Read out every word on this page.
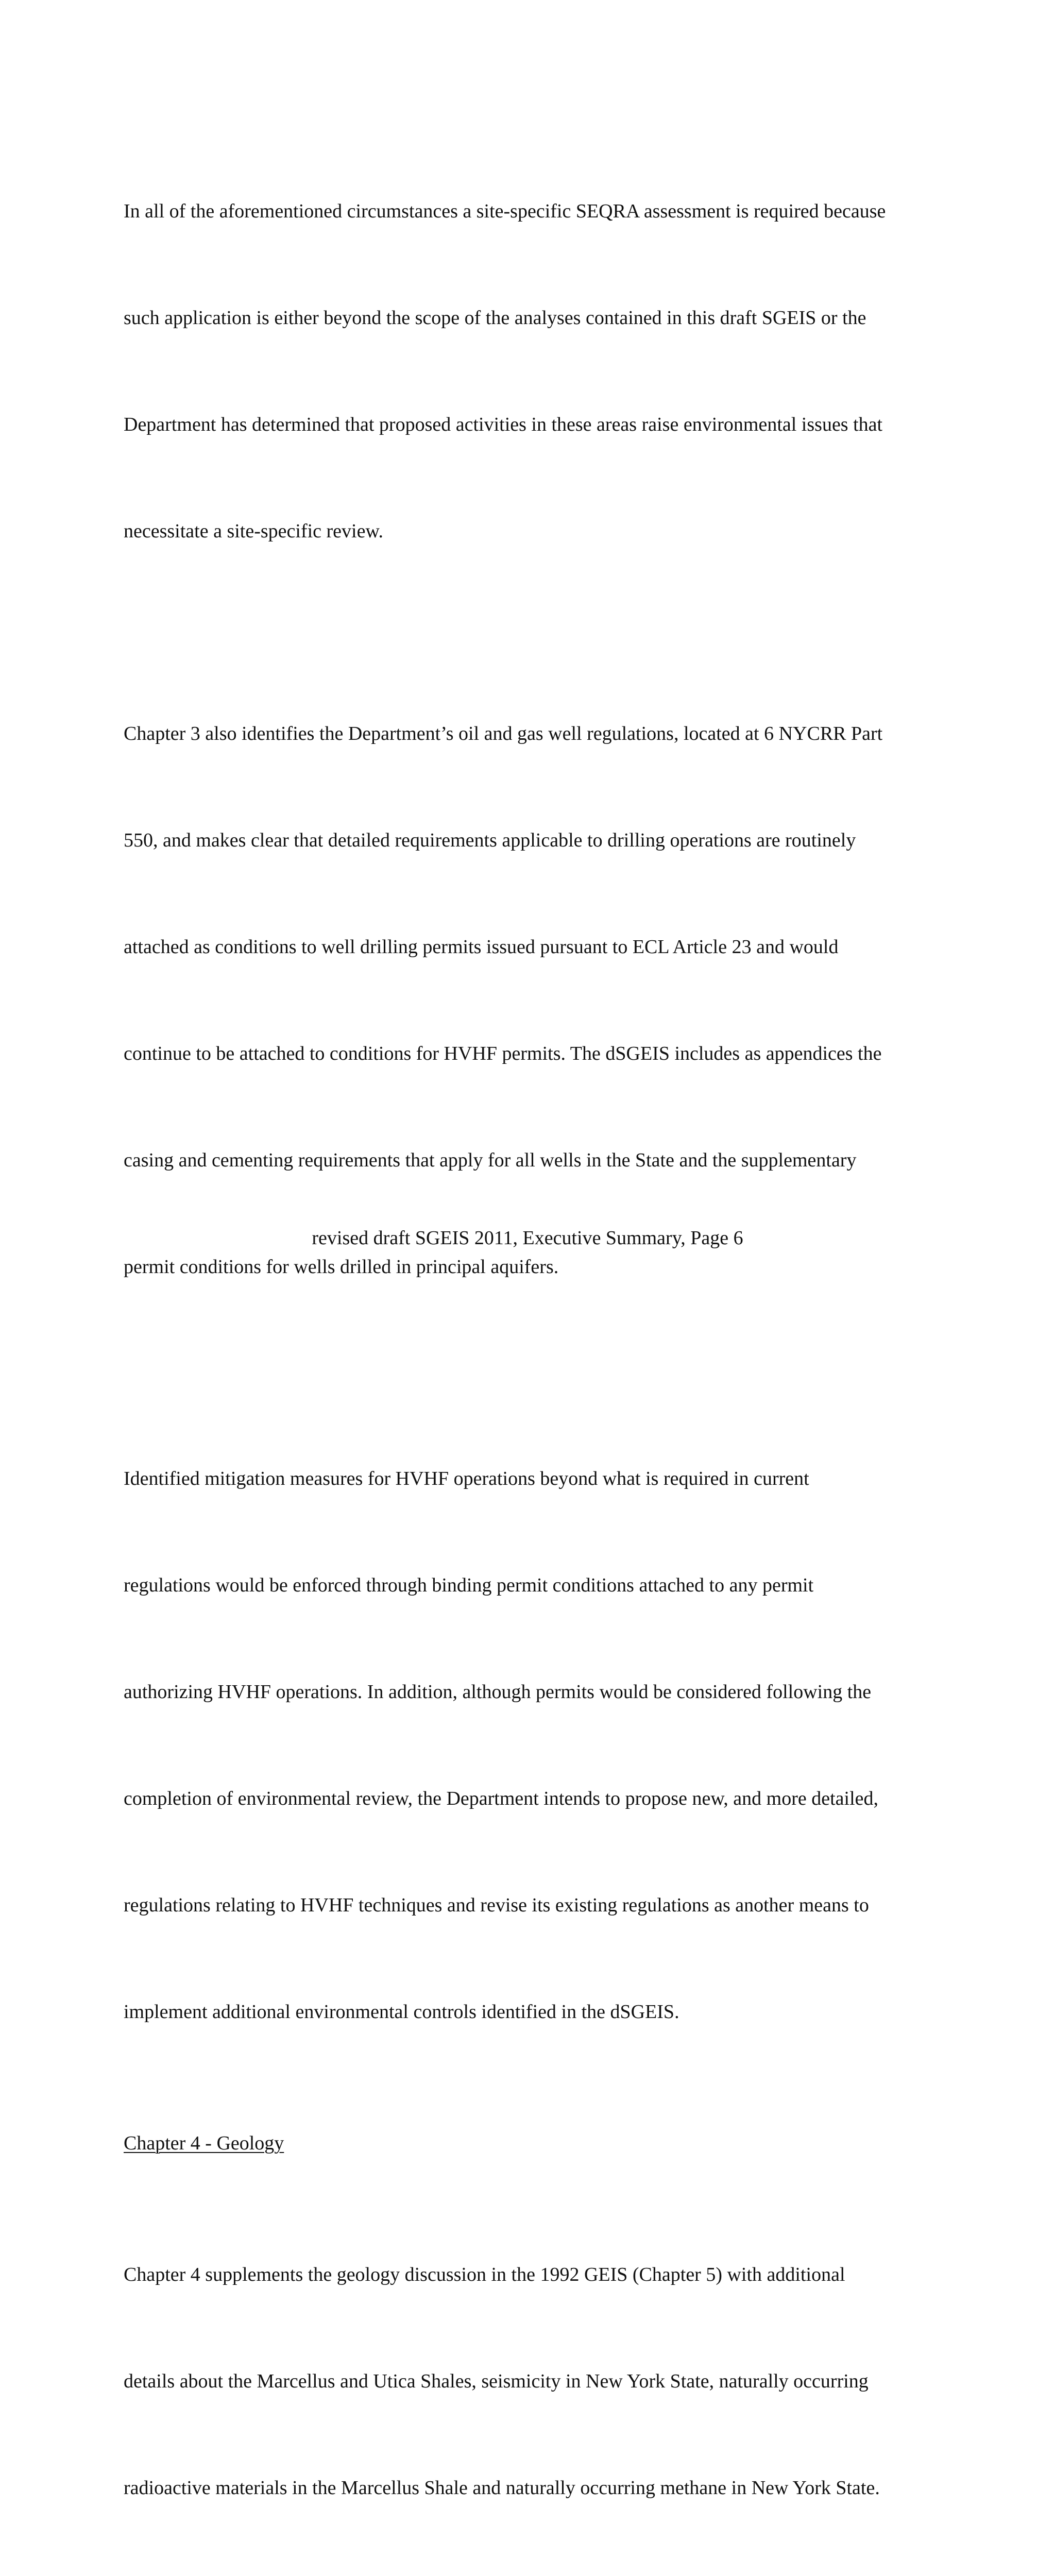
In all of the aforementioned circumstances a site-specific SEQRA assessment is required because

such application is either beyond the scope of the analyses contained in this draft SGEIS or the

Department has determined that proposed activities in these areas raise environmental issues that

necessitate a site-specific review.

Chapter 3 also identifies the Department’s oil and gas well regulations, located at 6 NYCRR Part

550, and makes clear that detailed requirements applicable to drilling operations are routinely

attached as conditions to well drilling permits issued pursuant to ECL Article 23 and would

continue to be attached to conditions for HVHF permits. The dSGEIS includes as appendices the

casing and cementing requirements that apply for all wells in the State and the supplementary

permit conditions for wells drilled in principal aquifers.

Identified mitigation measures for HVHF operations beyond what is required in current

regulations would be enforced through binding permit conditions attached to any permit

authorizing HVHF operations. In addition, although permits would be considered following the

completion of environmental review, the Department intends to propose new, and more detailed,

regulations relating to HVHF techniques and revise its existing regulations as another means to

implement additional environmental controls identified in the dSGEIS.

Chapter 4 - Geology

Chapter 4 supplements the geology discussion in the 1992 GEIS (Chapter 5) with additional

details about the Marcellus and Utica Shales, seismicity in New York State, naturally occurring

radioactive materials in the Marcellus Shale and naturally occurring methane in New York State.

revised draft SGEIS 2011, Executive Summary, Page 6
